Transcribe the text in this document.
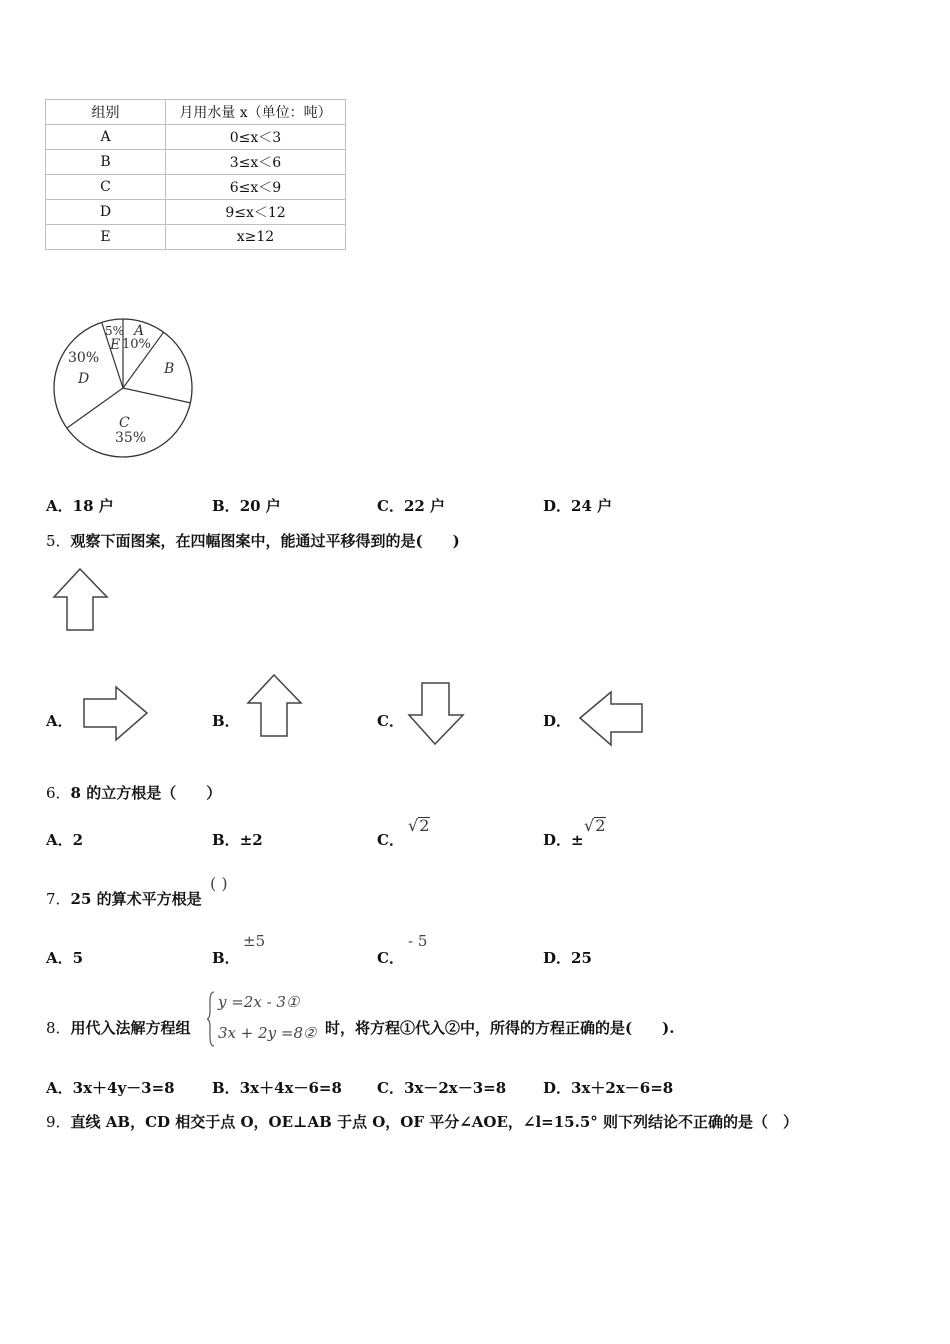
组别	月用水量 x（单位：吨）
A	0≤x＜3
B	3≤x＜6
C	6≤x＜9
D	9≤x＜12
E	x≥12
5%
E
A
10%
B
30%
D
C
35%
A．18 户	B．20 户	C．22 户	D．24 户
5．观察下面图案，在四幅图案中，能通过平移得到的是(　　)
A．	B．	C．	D．
6．8 的立方根是（　　）
A．2	B．±2	C．
√2
D．±
√2
7．25 的算术平方根是
( )
A．5	B．
±5
C．
- 5
D．25
8．用代入法解方程组
y =2x - 3①
3x + 2y =8② 时，将方程①代入②中，所得的方程正确的是(　　).
A．3x＋4y－3=8 B．3x＋4x－6=8 C．3x－2x－3=8 D．3x＋2x－6=8
9．直线 AB，CD 相交于点 O，OE⊥AB 于点 O，OF 平分∠AOE，∠l=15.5° 则下列结论不正确的是（　）
